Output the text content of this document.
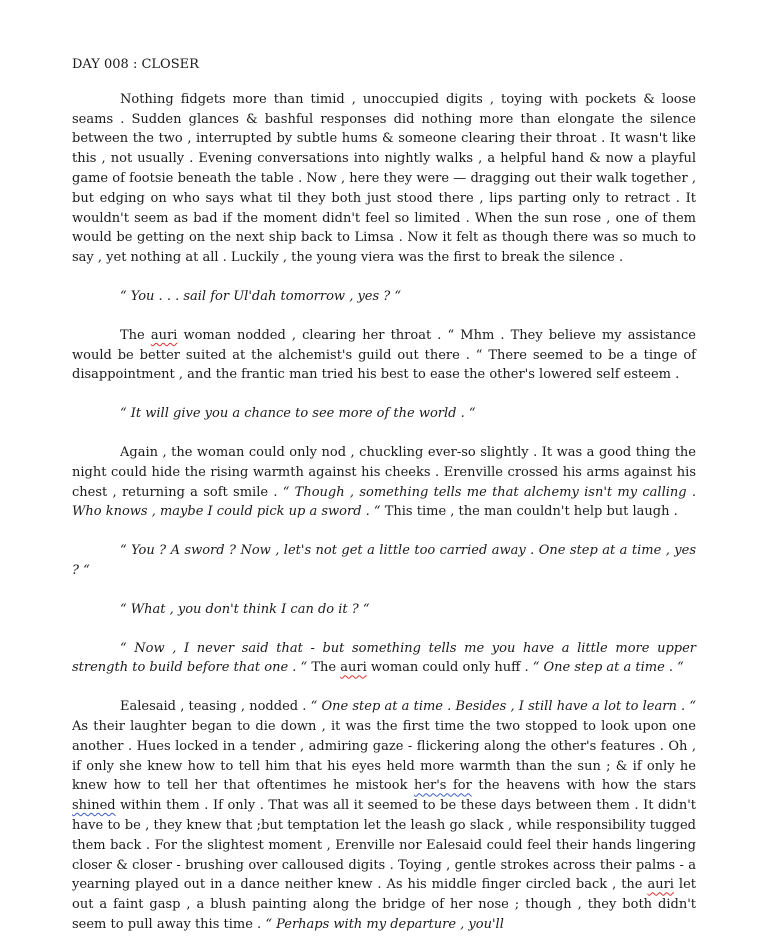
DAY 008 : CLOSER

Nothing fidgets more than timid , unoccupied digits , toying with pockets & loose seams . Sudden glances & bashful responses did nothing more than elongate the silence between the two , interrupted by subtle hums & someone clearing their throat . It wasn't like this , not usually . Evening conversations into nightly walks , a helpful hand & now a playful game of footsie beneath the table . Now , here they were — dragging out their walk together , but edging on who says what til they both just stood there , lips parting only to retract . It wouldn't seem as bad if the moment didn't feel so limited . When the sun rose , one of them would be getting on the next ship back to Limsa . Now it felt as though there was so much to say , yet nothing at all . Luckily , the young viera was the first to break the silence .

“ You . . . sail for Ul'dah tomorrow , yes ? “

The auri woman nodded , clearing her throat . “ Mhm . They believe my assistance would be better suited at the alchemist's guild out there . “ There seemed to be a tinge of disappointment , and the frantic man tried his best to ease the other's lowered self esteem .

“ It will give you a chance to see more of the world . “

Again , the woman could only nod , chuckling ever-so slightly . It was a good thing the night could hide the rising warmth against his cheeks . Erenville crossed his arms against his chest , returning a soft smile . “ Though , something tells me that alchemy isn't my calling . Who knows , maybe I could pick up a sword . “ This time , the man couldn't help but laugh .

“ You ? A sword ? Now , let's not get a little too carried away . One step at a time , yes ? “

“ What , you don't think I can do it ? “

“ Now , I never said that - but something tells me you have a little more upper strength to build before that one . “ The auri woman could only huff . “ One step at a time . “

Ealesaid , teasing , nodded . “ One step at a time . Besides , I still have a lot to learn . “ As their laughter began to die down , it was the first time the two stopped to look upon one another . Hues locked in a tender , admiring gaze - flickering along the other's features . Oh , if only she knew how to tell him that his eyes held more warmth than the sun ; & if only he knew how to tell her that oftentimes he mistook her's for the heavens with how the stars shined within them . If only . That was all it seemed to be these days between them . It didn't have to be , they knew that ;but temptation let the leash go slack , while responsibility tugged them back . For the slightest moment , Erenville nor Ealesaid could feel their hands lingering closer & closer - brushing over calloused digits . Toying , gentle strokes across their palms - a yearning played out in a dance neither knew . As his middle finger circled back , the auri let out a faint gasp , a blush painting along the bridge of her nose ; though , they both didn't seem to pull away this time . “ Perhaps with my departure , you'll
